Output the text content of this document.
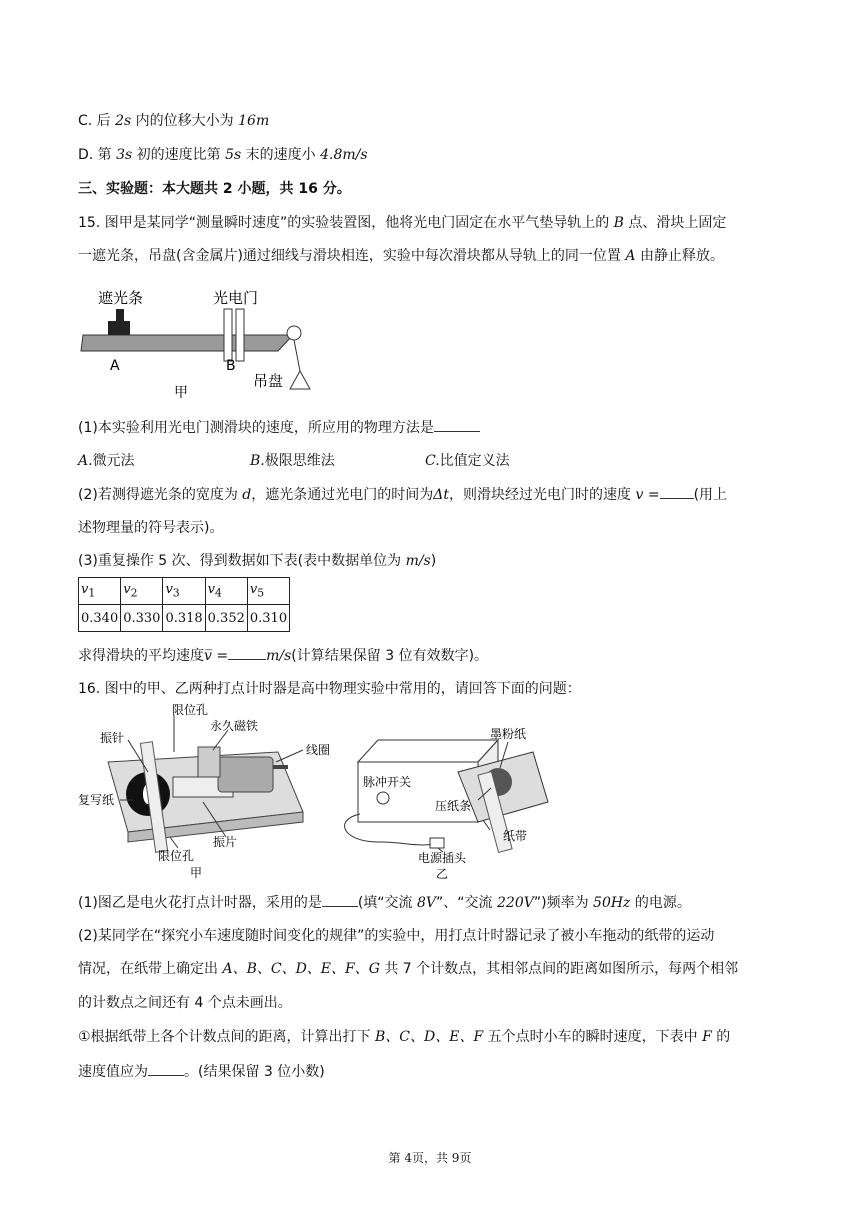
C. 后 2s 内的位移大小为 16m
D. 第 3s 初的速度比第 5s 末的速度小 4.8m/s
三、实验题：本大题共 2 小题，共 16 分。
15. 图甲是某同学“测量瞬时速度”的实验装置图，他将光电门固定在水平气垫导轨上的 B 点、滑块上固定
一遮光条，吊盘(含金属片)通过细线与滑块相连，实验中每次滑块都从导轨上的同一位置 A 由静止释放。
遮光条	光电门
A	B
吊盘
甲
(1)本实验利用光电门测滑块的速度，所应用的物理方法是
A.微元法	B.极限思维法	C.比值定义法
(2)若测得遮光条的宽度为 d，遮光条通过光电门的时间为Δt，则滑块经过光电门时的速度 v = (用上
述物理量的符号表示)。
(3)重复操作 5 次、得到数据如下表(表中数据单位为 m/s)
$v_1$	$v_2$	$v_3$	$v_4$	$v_5$
0.340	0.330	0.318	0.352	0.310
求得滑块的平均速度v̅ =	m/s(计算结果保留 3 位有效数字)。
16. 图中的甲、乙两种打点计时器是高中物理实验中常用的，请回答下面的问题：
振针
限位孔
永久磁铁
线圈
复写纸
振片
限位孔
甲
墨粉纸
脉冲开关
压纸条
纸带
电源插头
乙
(1)图乙是电火花打点计时器，采用的是	(填“交流 8V”、“交流 220V”)频率为 50Hz 的电源。
(2)某同学在“探究小车速度随时间变化的规律”的实验中，用打点计时器记录了被小车拖动的纸带的运动
情况，在纸带上确定出 A、B、C、D、E、F、G 共 7 个计数点，其相邻点间的距离如图所示，每两个相邻
的计数点之间还有 4 个点未画出。
①根据纸带上各个计数点间的距离，计算出打下 B、C、D、E、F 五个点时小车的瞬时速度，下表中 F 的
速度值应为	。(结果保留 3 位小数)
第 4页，共 9页
